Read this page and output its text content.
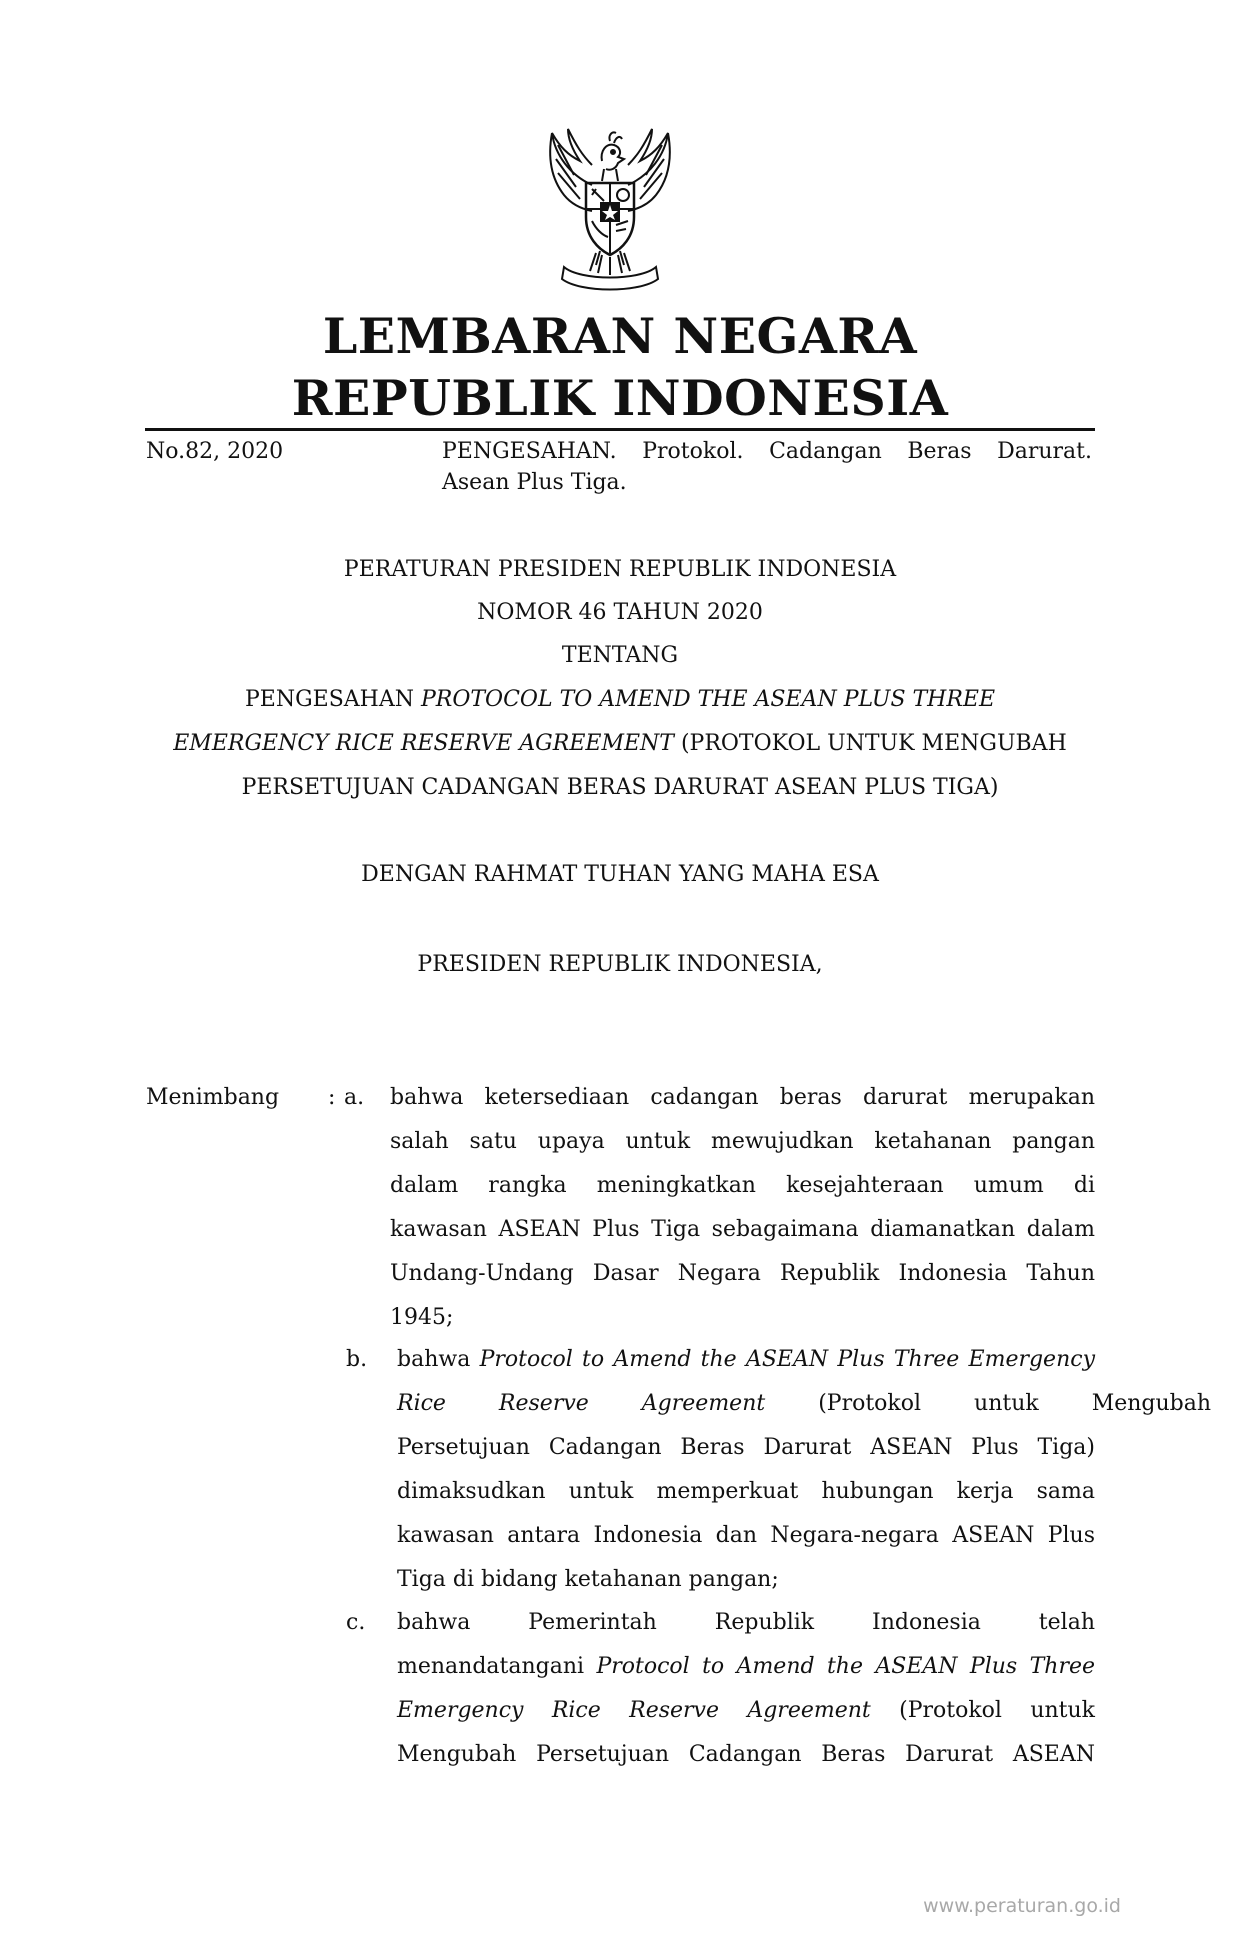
LEMBARAN NEGARA
REPUBLIK INDONESIA
No.82, 2020	PENGESAHAN. Protokol. Cadangan Beras Darurat.
Asean Plus Tiga.
PERATURAN PRESIDEN REPUBLIK INDONESIA
NOMOR 46 TAHUN 2020
TENTANG
PENGESAHAN PROTOCOL TO AMEND THE ASEAN PLUS THREE
EMERGENCY RICE RESERVE AGREEMENT (PROTOKOL UNTUK MENGUBAH
PERSETUJUAN CADANGAN BERAS DARURAT ASEAN PLUS TIGA)
DENGAN RAHMAT TUHAN YANG MAHA ESA
PRESIDEN REPUBLIK INDONESIA,
Menimbang : a. bahwa ketersediaan cadangan beras darurat merupakan
salah satu upaya untuk mewujudkan ketahanan pangan
dalam rangka meningkatkan kesejahteraan umum di
kawasan ASEAN Plus Tiga sebagaimana diamanatkan dalam
Undang-Undang Dasar Negara Republik Indonesia Tahun
1945;
b. bahwa Protocol to Amend the ASEAN Plus Three Emergency
Rice Reserve Agreement (Protokol untuk Mengubah
Persetujuan Cadangan Beras Darurat ASEAN Plus Tiga)
dimaksudkan untuk memperkuat hubungan kerja sama
kawasan antara Indonesia dan Negara-negara ASEAN Plus
Tiga di bidang ketahanan pangan;
c. bahwa Pemerintah Republik Indonesia telah
menandatangani Protocol to Amend the ASEAN Plus Three
Emergency Rice Reserve Agreement (Protokol untuk
Mengubah Persetujuan Cadangan Beras Darurat ASEAN
www.peraturan.go.id
